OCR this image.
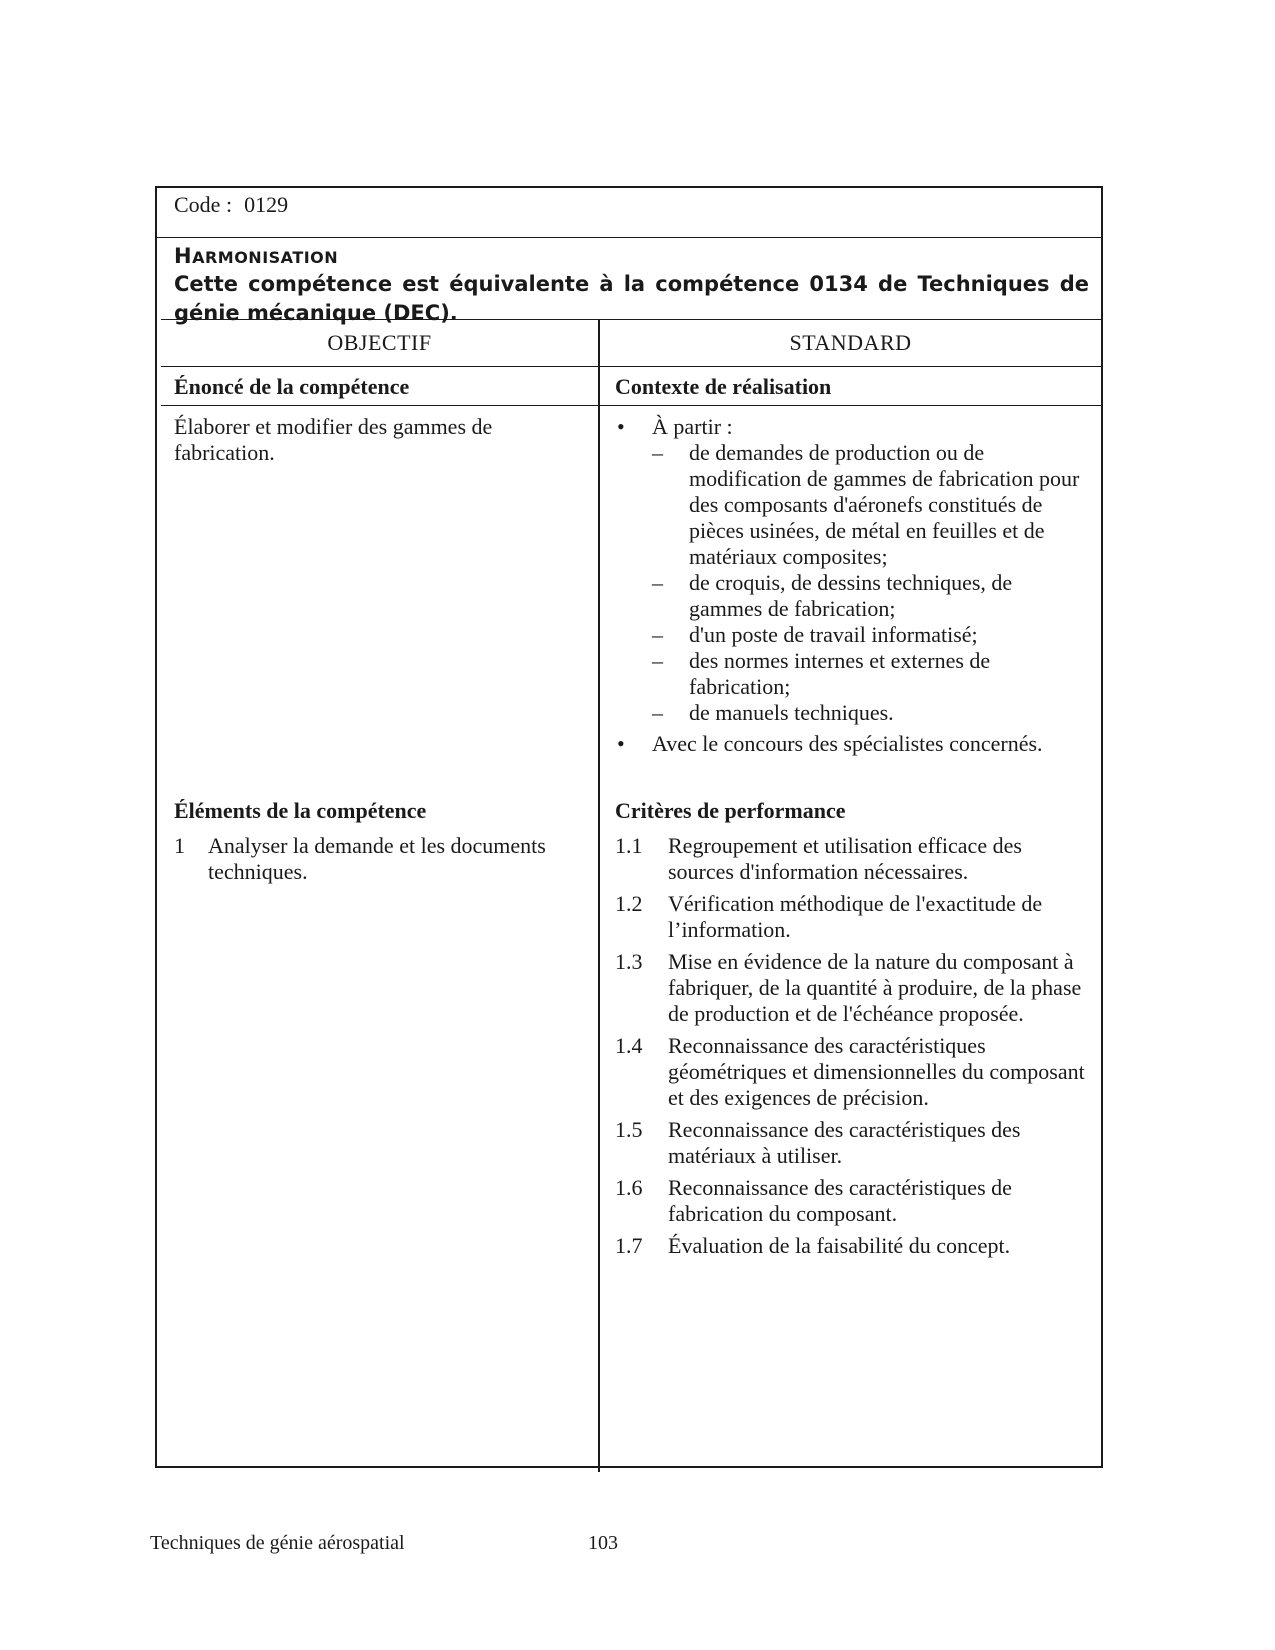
Code : 0129
HARMONISATION
Cette compétence est équivalente à la compétence 0134 de Techniques de génie mécanique (DEC).
OBJECTIF	STANDARD
Énoncé de la compétence	Contexte de réalisation
Élaborer et modifier des gammes de fabrication.
• À partir :
– de demandes de production ou de modification de gammes de fabrication pour des composants d'aéronefs constitués de pièces usinées, de métal en feuilles et de matériaux composites;
– de croquis, de dessins techniques, de gammes de fabrication;
– d'un poste de travail informatisé;
– des normes internes et externes de fabrication;
– de manuels techniques.
• Avec le concours des spécialistes concernés.
Éléments de la compétence	Critères de performance
1 Analyser la demande et les documents techniques.
1.1 Regroupement et utilisation efficace des sources d'information nécessaires.
1.2 Vérification méthodique de l'exactitude de l’information.
1.3 Mise en évidence de la nature du composant à fabriquer, de la quantité à produire, de la phase de production et de l'échéance proposée.
1.4 Reconnaissance des caractéristiques géométriques et dimensionnelles du composant et des exigences de précision.
1.5 Reconnaissance des caractéristiques des matériaux à utiliser.
1.6 Reconnaissance des caractéristiques de fabrication du composant.
1.7 Évaluation de la faisabilité du concept.
Techniques de génie aérospatial	103
